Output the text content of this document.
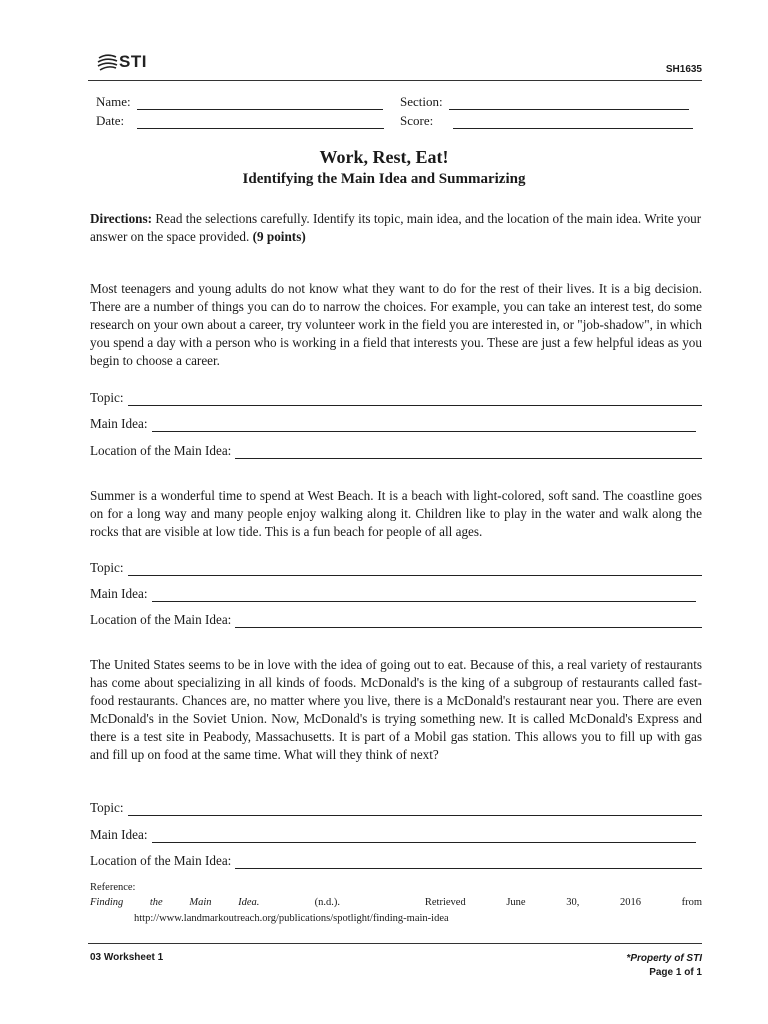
STI	SH1635
Name:
Date:
Section:
Score:
Work, Rest, Eat!
Identifying the Main Idea and Summarizing

Directions: Read the selections carefully. Identify its topic, main idea, and the location of the main idea. Write your answer on the space provided. (9 points)

Most teenagers and young adults do not know what they want to do for the rest of their lives. It is a big decision. There are a number of things you can do to narrow the choices. For example, you can take an interest test, do some research on your own about a career, try volunteer work in the field you are interested in, or "job-shadow", in which you spend a day with a person who is working in a field that interests you. These are just a few helpful ideas as you begin to choose a career.

Topic:
Main Idea:
Location of the Main Idea:

Summer is a wonderful time to spend at West Beach. It is a beach with light-colored, soft sand. The coastline goes on for a long way and many people enjoy walking along it. Children like to play in the water and walk along the rocks that are visible at low tide. This is a fun beach for people of all ages.

Topic:
Main Idea:
Location of the Main Idea:

The United States seems to be in love with the idea of going out to eat. Because of this, a real variety of restaurants has come about specializing in all kinds of foods. McDonald's is the king of a subgroup of restaurants called fast-food restaurants. Chances are, no matter where you live, there is a McDonald's restaurant near you. There are even McDonald's in the Soviet Union. Now, McDonald's is trying something new. It is called McDonald's Express and there is a test site in Peabody, Massachusetts. It is part of a Mobil gas station. This allows you to fill up with gas and fill up on food at the same time. What will they think of next?

Topic:
Main Idea:
Location of the Main Idea:
Reference:
Finding the Main Idea.	(n.d.).	Retrieved June 30, 2016 from
http://www.landmarkoutreach.org/publications/spotlight/finding-main-idea
03 Worksheet 1	*Property of STI
Page 1 of 1
